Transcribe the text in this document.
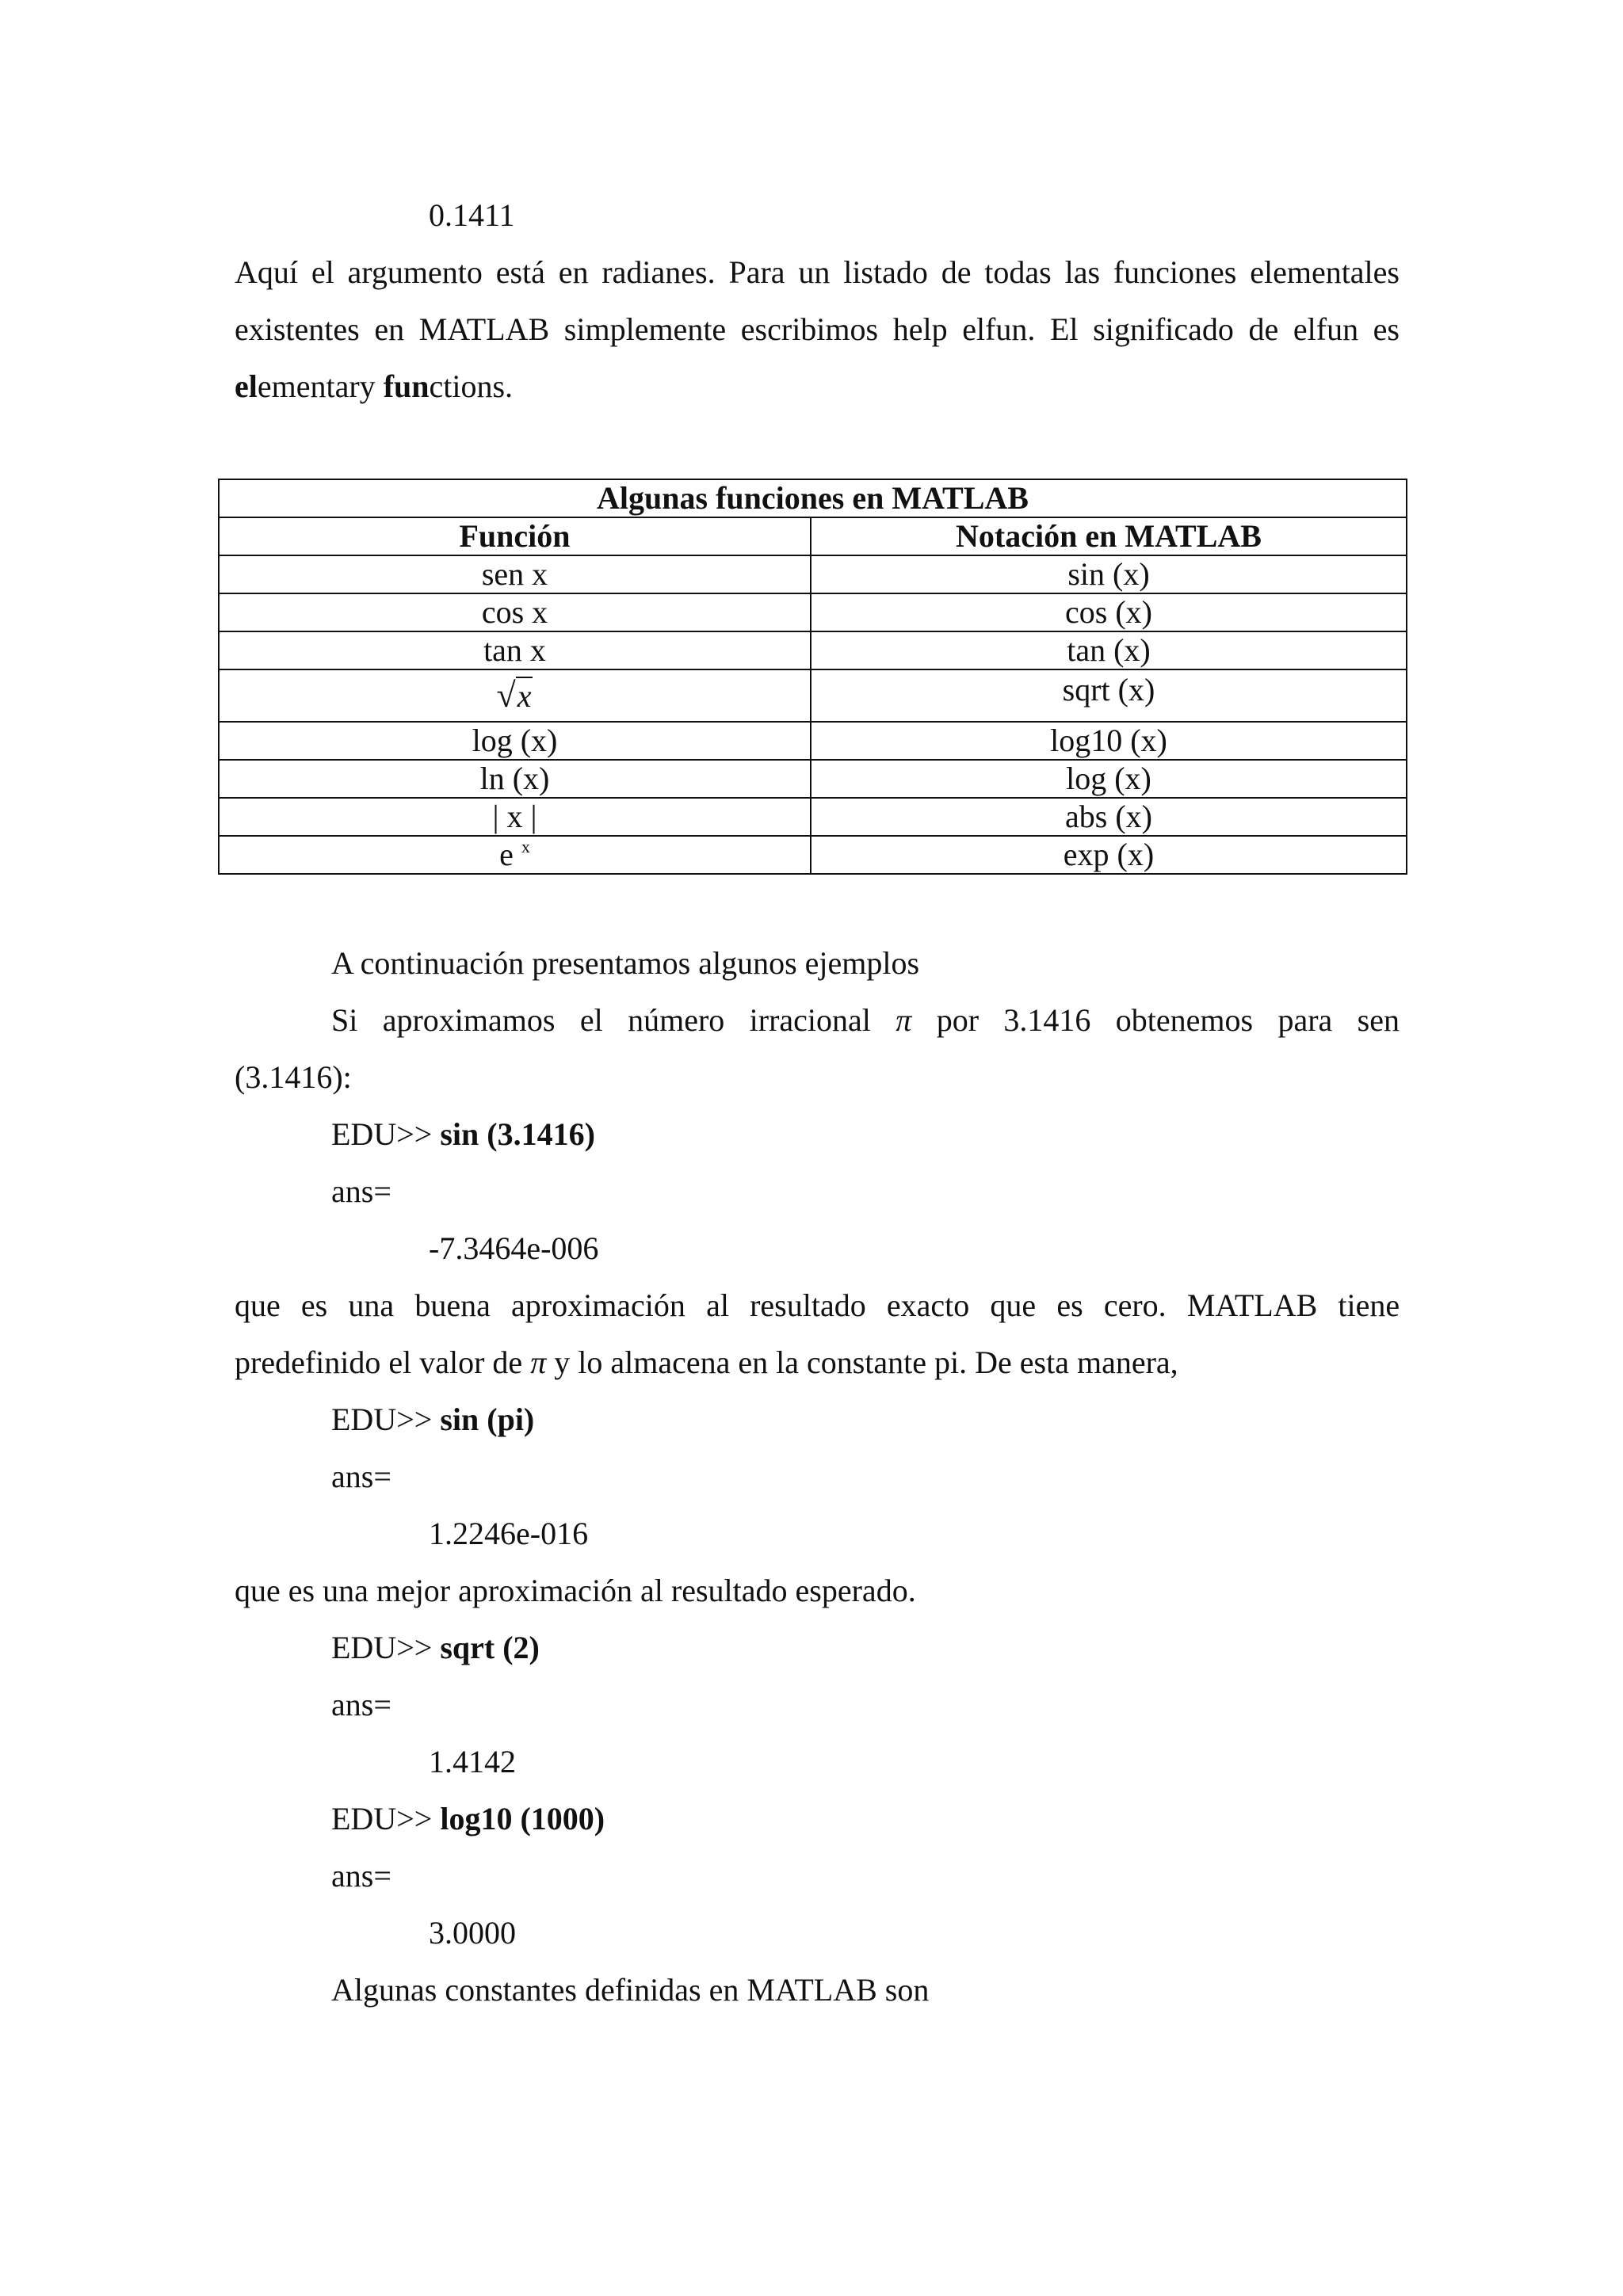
0.1411
Aquí el argumento está en radianes. Para un listado de todas las funciones elementales
existentes en MATLAB simplemente escribimos help elfun. El significado de elfun es
elementary functions.
Algunas funciones en MATLAB	
Función	Notación en MATLAB
sen x	sin (x)
cos x	cos (x)
tan x	tan (x)
√x	sqrt (x)
log (x)	log10 (x)
ln (x)	log (x)
| x |	abs (x)
e $^x$	exp (x)
A continuación presentamos algunos ejemplos
Si aproximamos el número irracional π por 3.1416 obtenemos para sen
(3.1416):
EDU>> sin (3.1416)
ans=
-7.3464e-006
que es una buena aproximación al resultado exacto que es cero. MATLAB tiene
predefinido el valor de π y lo almacena en la constante pi. De esta manera,
EDU>> sin (pi)
ans=
1.2246e-016
que es una mejor aproximación al resultado esperado.
EDU>> sqrt (2)
ans=
1.4142
EDU>> log10 (1000)
ans=
3.0000
Algunas constantes definidas en MATLAB son
